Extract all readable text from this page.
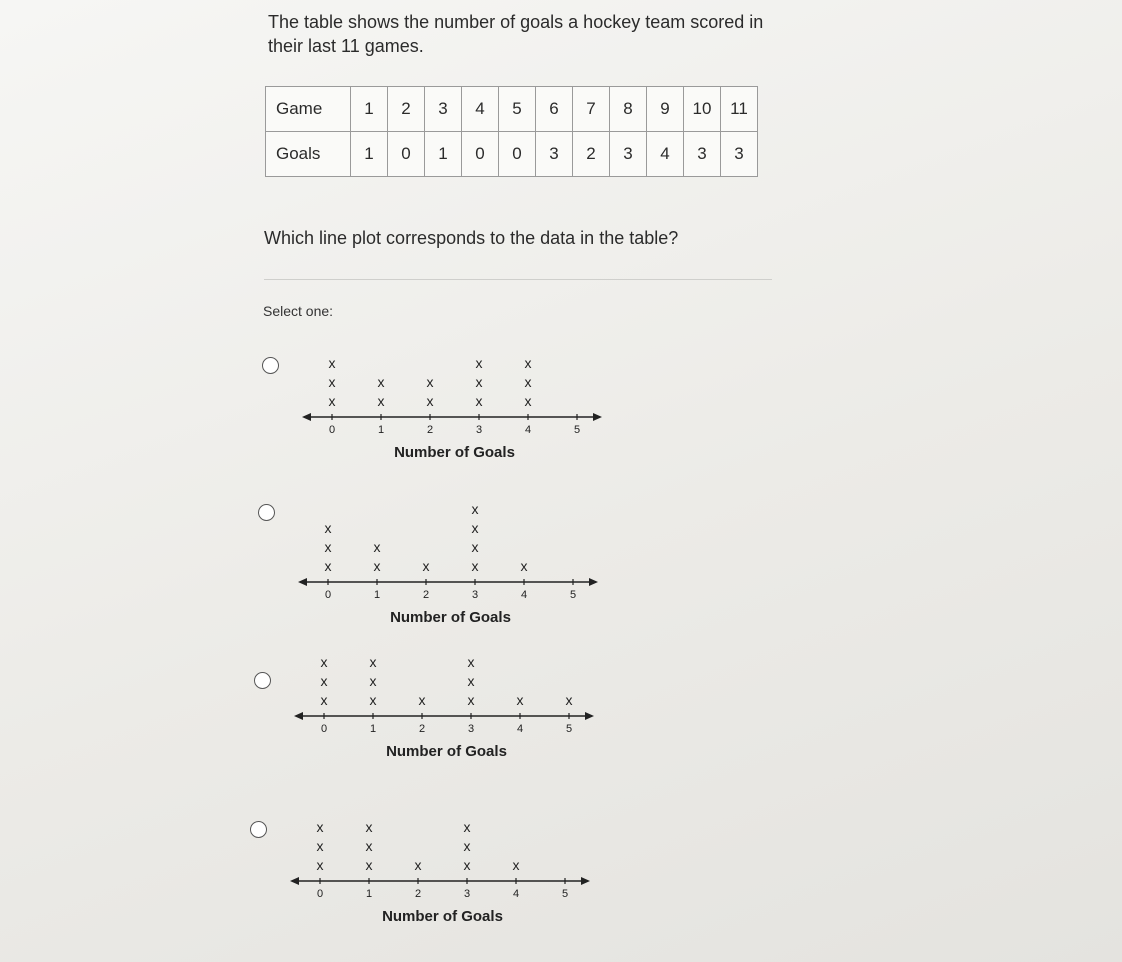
The table shows the number of goals a hockey team scored in their last 11 games.
Game	1	2	3	4	5	6	7	8	9	10	11
Goals	1	0	1	0	0	3	2	3	4	3	3
Which line plot corresponds to the data in the table?
Select one:
0
x
x
x
1
x
x
2
x
x
3
x
x
x
4
x
x
x
5
Number of Goals
0
x
x
x
1
x
x
2
x
3
x
x
x
x
4
x
5
Number of Goals
0
x
x
x
1
x
x
x
2
x
3
x
x
x
4
x
5
x
Number of Goals
0
x
x
x
1
x
x
x
2
x
3
x
x
x
4
x
5
Number of Goals
